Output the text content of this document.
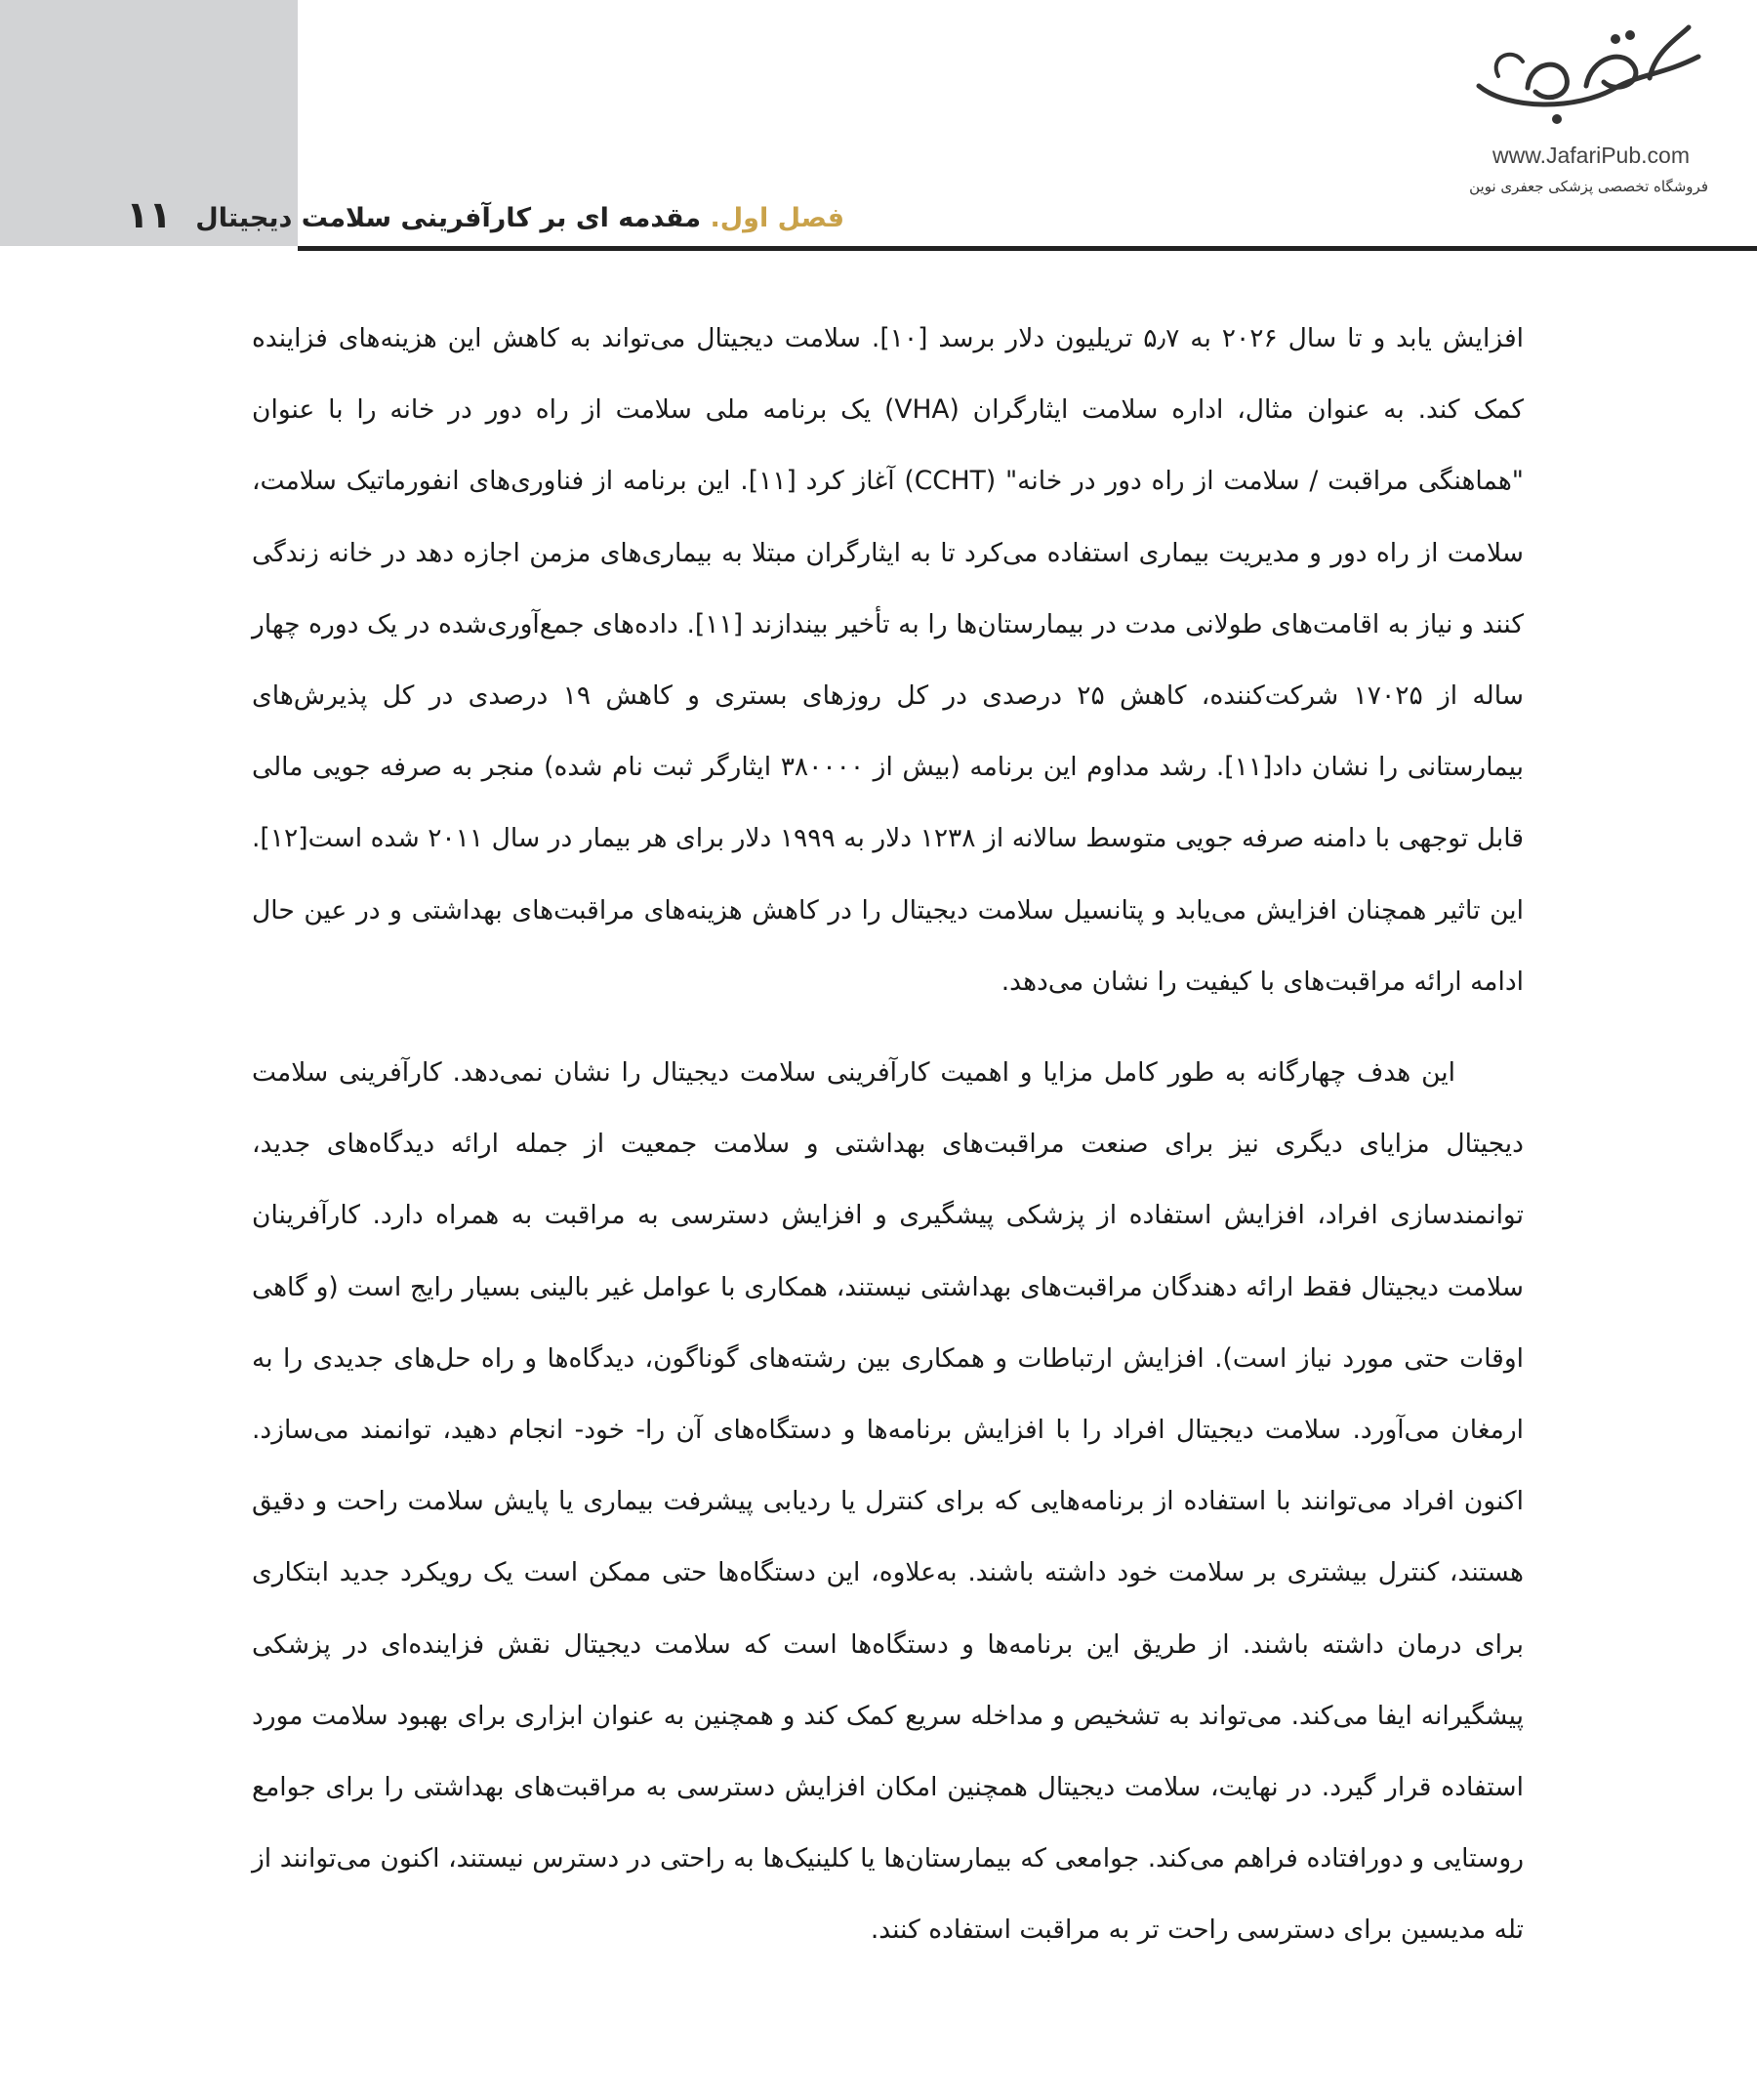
۱۱
www.JafariPub.com
فروشگاه تخصصی پزشکی جعفری نوین
فصل اول. مقدمه ای بر کارآفرینی سلامت دیجیتال

افزایش یابد و تا سال ۲۰۲۶ به ۵٫۷ تریلیون دلار برسد [۱۰]. سلامت دیجیتال می‌تواند به کاهش این هزینه‌های فزاینده کمک کند. به عنوان مثال، اداره سلامت ایثارگران (VHA) یک برنامه ملی سلامت از راه دور در خانه را با عنوان "هماهنگی مراقبت / سلامت از راه دور در خانه" (CCHT) آغاز کرد [۱۱]. این برنامه از فناوری‌های انفورماتیک سلامت، سلامت از راه دور و مدیریت بیماری استفاده می‌کرد تا به ایثارگران مبتلا به بیماری‌های مزمن اجازه دهد در خانه زندگی کنند و نیاز به اقامت‌های طولانی مدت در بیمارستان‌ها را به تأخیر بیندازند [۱۱]. داده‌های جمع‌آوری‌شده در یک دوره چهار ساله از ۱۷۰۲۵ شرکت‌کننده، کاهش ۲۵ درصدی در کل روزهای بستری و کاهش ۱۹ درصدی در کل پذیرش‌های بیمارستانی را نشان داد[۱۱]. رشد مداوم این برنامه (بیش از ۳۸۰۰۰۰ ایثارگر ثبت نام شده) منجر به صرفه جویی مالی قابل توجهی با دامنه صرفه جویی متوسط سالانه از ۱۲۳۸ دلار به ۱۹۹۹ دلار برای هر بیمار در سال ۲۰۱۱ شده است[۱۲]. این تاثیر همچنان افزایش می‌یابد و پتانسیل سلامت دیجیتال را در کاهش هزینه‌های مراقبت‌های بهداشتی و در عین حال ادامه ارائه مراقبت‌های با کیفیت را نشان می‌دهد.

این هدف چهارگانه به طور کامل مزایا و اهمیت کارآفرینی سلامت دیجیتال را نشان نمی‌دهد. کارآفرینی سلامت دیجیتال مزایای دیگری نیز برای صنعت مراقبت‌های بهداشتی و سلامت جمعیت از جمله ارائه دیدگاه‌های جدید، توانمندسازی افراد، افزایش استفاده از پزشکی پیشگیری و افزایش دسترسی به مراقبت به همراه دارد. کارآفرینان سلامت دیجیتال فقط ارائه دهندگان مراقبت‌های بهداشتی نیستند، همکاری با عوامل غیر بالینی بسیار رایج است (و گاهی اوقات حتی مورد نیاز است). افزایش ارتباطات و همکاری بین رشته‌های گوناگون، دیدگاه‌ها و راه حل‌های جدیدی را به ارمغان می‌آورد. سلامت دیجیتال افراد را با افزایش برنامه‌ها و دستگاه‌های آن را- خود- انجام دهید، توانمند می‌سازد. اکنون افراد می‌توانند با استفاده از برنامه‌هایی که برای کنترل یا ردیابی پیشرفت بیماری یا پایش سلامت راحت و دقیق هستند، کنترل بیشتری بر سلامت خود داشته باشند. به‌علاوه، این دستگاه‌ها حتی ممکن است یک رویکرد جدید ابتکاری برای درمان داشته باشند. از طریق این برنامه‌ها و دستگاه‌ها است که سلامت دیجیتال نقش فزاینده‌ای در پزشکی پیشگیرانه ایفا می‌کند. می‌تواند به تشخیص و مداخله سریع کمک کند و همچنین به عنوان ابزاری برای بهبود سلامت مورد استفاده قرار گیرد. در نهایت، سلامت دیجیتال همچنین امکان افزایش دسترسی به مراقبت‌های بهداشتی را برای جوامع روستایی و دورافتاده فراهم می‌کند. جوامعی که بیمارستان‌ها یا کلینیک‌ها به راحتی در دسترس نیستند، اکنون می‌توانند از تله مدیسین برای دسترسی راحت تر به مراقبت استفاده کنند.
